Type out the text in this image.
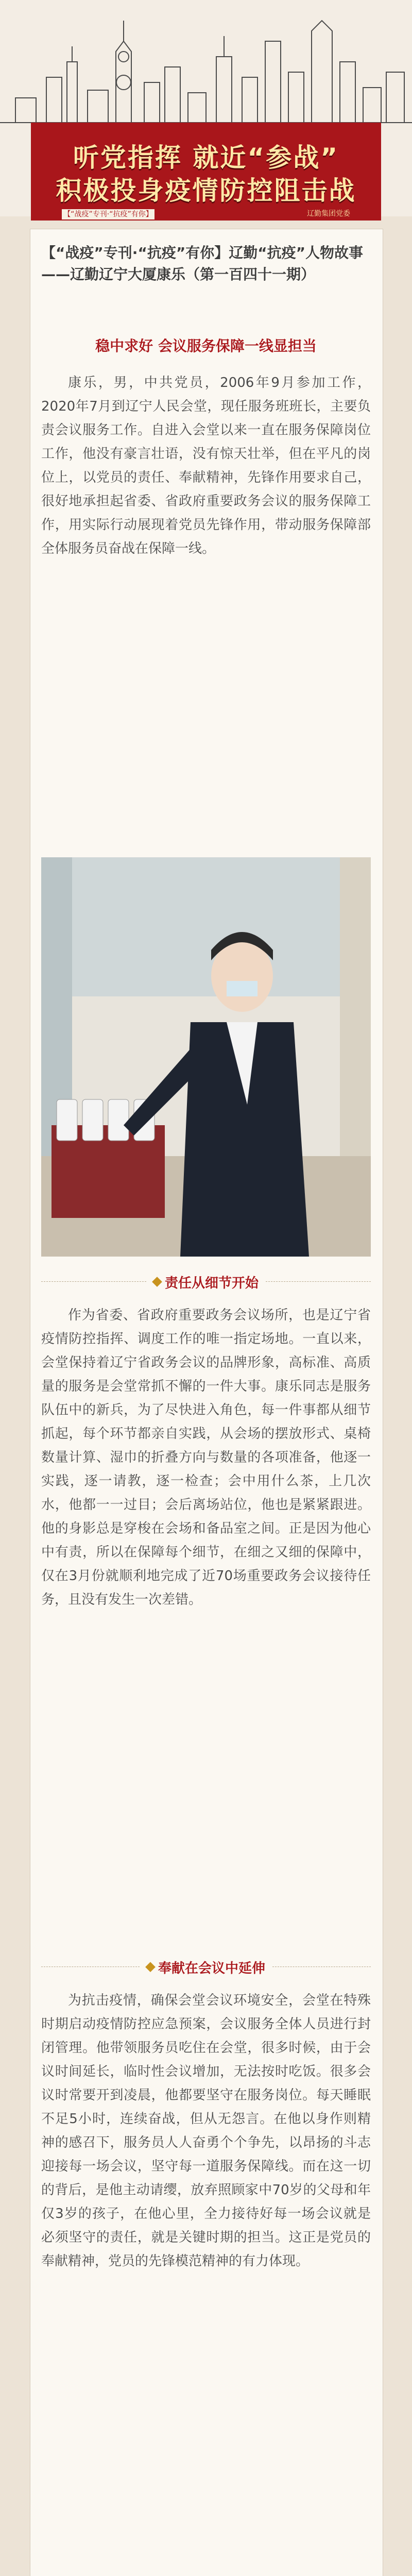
听党指挥 就近“参战”
积极投身疫情防控阻击战
【“战疫”专刊·“抗疫”有你】	辽勤集团党委
【“战疫”专刊·“抗疫”有你】辽勤“抗疫”人物故事——辽勤辽宁大厦康乐（第一百四十一期）

稳中求好 会议服务保障一线显担当

康乐，男，中共党员，2006年9月参加工作，2020年7月到辽宁人民会堂，现任服务班班长，主要负责会议服务工作。自进入会堂以来一直在服务保障岗位工作，他没有豪言壮语，没有惊天壮举，但在平凡的岗位上，以党员的责任、奉献精神，先锋作用要求自己，很好地承担起省委、省政府重要政务会议的服务保障工作，用实际行动展现着党员先锋作用，带动服务保障部全体服务员奋战在保障一线。

责任从细节开始

作为省委、省政府重要政务会议场所，也是辽宁省疫情防控指挥、调度工作的唯一指定场地。一直以来，会堂保持着辽宁省政务会议的品牌形象，高标准、高质量的服务是会堂常抓不懈的一件大事。康乐同志是服务队伍中的新兵，为了尽快进入角色，每一件事都从细节抓起，每个环节都亲自实践，从会场的摆放形式、桌椅数量计算、湿巾的折叠方向与数量的各项准备，他逐一实践，逐一请教，逐一检查；会中用什么茶，上几次水，他都一一过目；会后离场站位，他也是紧紧跟进。他的身影总是穿梭在会场和备品室之间。正是因为他心中有责，所以在保障每个细节，在细之又细的保障中，仅在3月份就顺利地完成了近70场重要政务会议接待任务，且没有发生一次差错。

奉献在会议中延伸

为抗击疫情，确保会堂会议环境安全，会堂在特殊时期启动疫情防控应急预案，会议服务全体人员进行封闭管理。他带领服务员吃住在会堂，很多时候，由于会议时间延长，临时性会议增加，无法按时吃饭。很多会议时常要开到凌晨，他都要坚守在服务岗位。每天睡眠不足5小时，连续奋战，但从无怨言。在他以身作则精神的感召下，服务员人人奋勇个个争先，以昂扬的斗志迎接每一场会议，坚守每一道服务保障线。而在这一切的背后，是他主动请缨，放弃照顾家中70岁的父母和年仅3岁的孩子，在他心里，全力接待好每一场会议就是必须坚守的责任，就是关键时期的担当。这正是党员的奉献精神，党员的先锋模范精神的有力体现。
